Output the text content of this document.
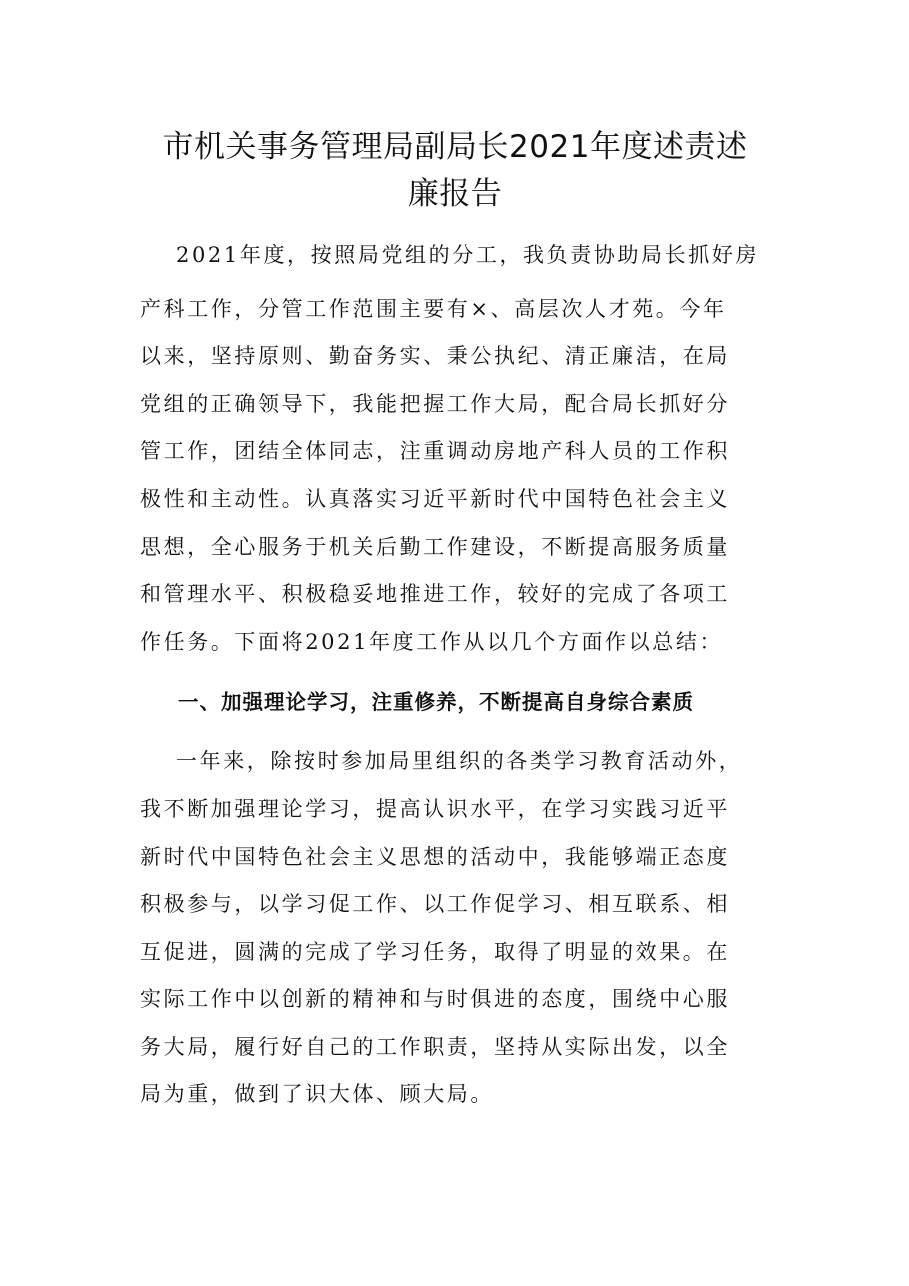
市机关事务管理局副局长2021年度述责述
廉报告

2021年度，按照局党组的分工，我负责协助局长抓好房

产科工作，分管工作范围主要有×、高层次人才苑。今年

以来，坚持原则、勤奋务实、秉公执纪、清正廉洁，在局

党组的正确领导下，我能把握工作大局，配合局长抓好分

管工作，团结全体同志，注重调动房地产科人员的工作积

极性和主动性。认真落实习近平新时代中国特色社会主义

思想，全心服务于机关后勤工作建设，不断提高服务质量

和管理水平、积极稳妥地推进工作，较好的完成了各项工

作任务。下面将2021年度工作从以几个方面作以总结：

一、加强理论学习，注重修养，不断提高自身综合素质

一年来，除按时参加局里组织的各类学习教育活动外，

我不断加强理论学习，提高认识水平，在学习实践习近平

新时代中国特色社会主义思想的活动中，我能够端正态度

积极参与，以学习促工作、以工作促学习、相互联系、相

互促进，圆满的完成了学习任务，取得了明显的效果。在

实际工作中以创新的精神和与时俱进的态度，围绕中心服

务大局，履行好自己的工作职责，坚持从实际出发，以全

局为重，做到了识大体、顾大局。
